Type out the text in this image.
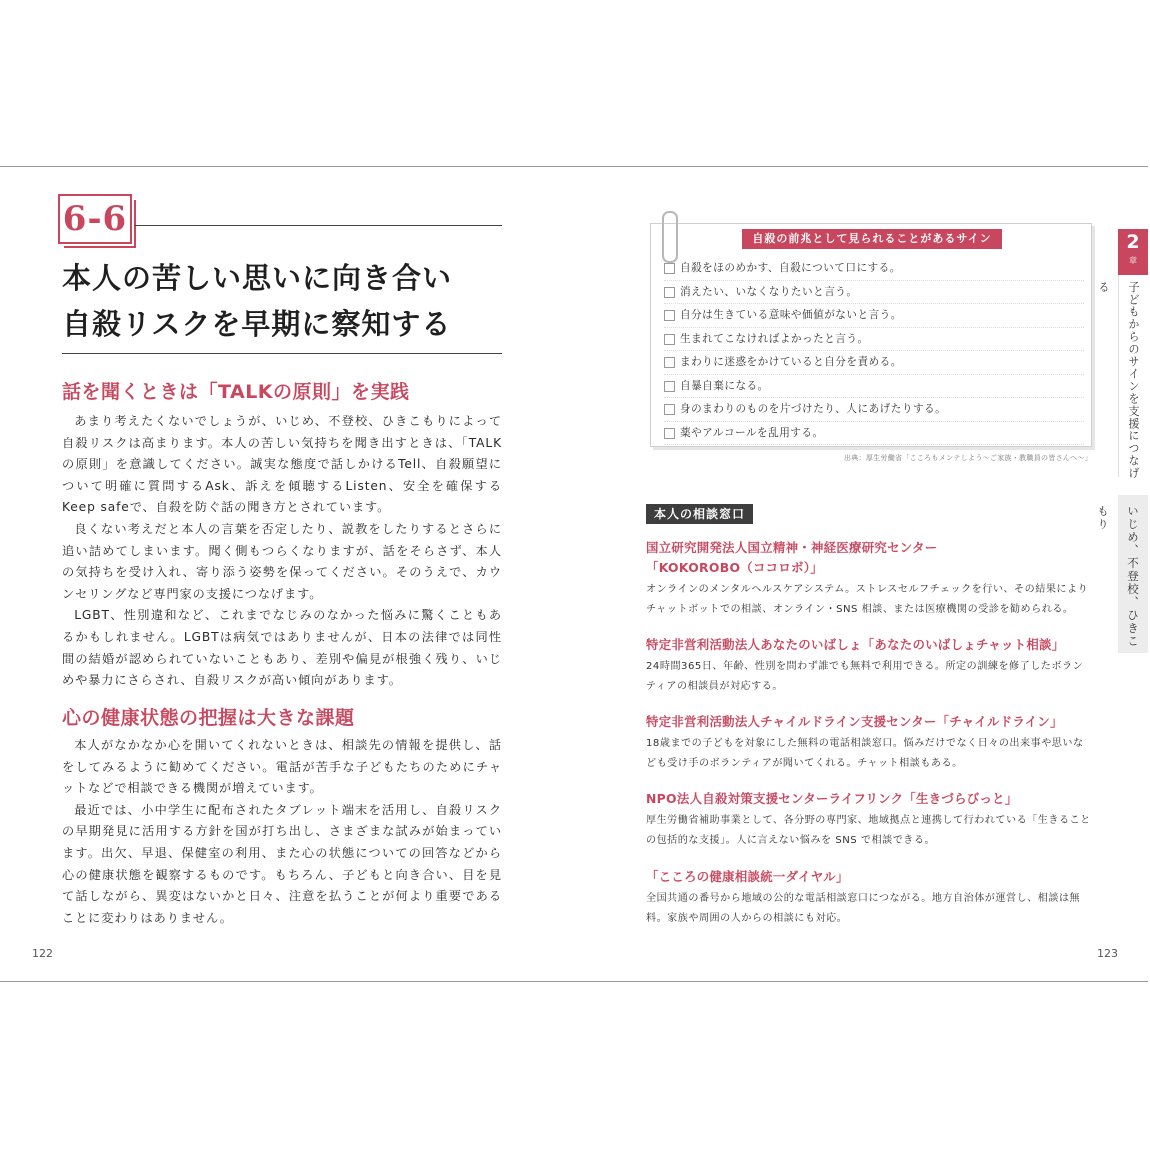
6-6
本人の苦しい思いに向き合い
自殺リスクを早期に察知する
話を聞くときは「TALKの原則」を実践

あまり考えたくないでしょうが、いじめ、不登校、ひきこもりによって自殺リスクは高まります。本人の苦しい気持ちを聞き出すときは、「TALKの原則」を意識してください。誠実な態度で話しかけるTell、自殺願望について明確に質問するAsk、訴えを傾聴するListen、安全を確保するKeep safeで、自殺を防ぐ話の聞き方とされています。

良くない考えだと本人の言葉を否定したり、説教をしたりするとさらに追い詰めてしまいます。聞く側もつらくなりますが、話をそらさず、本人の気持ちを受け入れ、寄り添う姿勢を保ってください。そのうえで、カウンセリングなど専門家の支援につなげます。

LGBT、性別違和など、これまでなじみのなかった悩みに驚くこともあるかもしれません。LGBTは病気ではありませんが、日本の法律では同性間の結婚が認められていないこともあり、差別や偏見が根強く残り、いじめや暴力にさらされ、自殺リスクが高い傾向があります。

心の健康状態の把握は大きな課題

本人がなかなか心を開いてくれないときは、相談先の情報を提供し、話をしてみるように勧めてください。電話が苦手な子どもたちのためにチャットなどで相談できる機関が増えています。

最近では、小中学生に配布されたタブレット端末を活用し、自殺リスクの早期発見に活用する方針を国が打ち出し、さまざまな試みが始まっています。出欠、早退、保健室の利用、また心の状態についての回答などから心の健康状態を観察するものです。もちろん、子どもと向き合い、目を見て話しながら、異変はないかと日々、注意を払うことが何より重要であることに変わりはありません。

122
自殺の前兆として見られることがあるサイン
自殺をほのめかす、自殺について口にする。
消えたい、いなくなりたいと言う。
自分は生きている意味や価値がないと言う。
生まれてこなければよかったと言う。
まわりに迷惑をかけていると自分を責める。
自暴自棄になる。
身のまわりのものを片づけたり、人にあげたりする。
薬やアルコールを乱用する。
出典：厚生労働省「こころもメンテしよう〜ご家族・教職員の皆さんへ〜」
本人の相談窓口

国立研究開発法人国立精神・神経医療研究センター
「KOKOROBO（ココロボ）」

オンラインのメンタルヘルスケアシステム。ストレスセルフチェックを行い、その結果によりチャットボットでの相談、オンライン・SNS 相談、または医療機関の受診を勧められる。

特定非営利活動法人あなたのいばしょ「あなたのいばしょチャット相談」

24時間365日、年齢、性別を問わず誰でも無料で利用できる。所定の訓練を修了したボランティアの相談員が対応する。

特定非営利活動法人チャイルドライン支援センター「チャイルドライン」

18歳までの子どもを対象にした無料の電話相談窓口。悩みだけでなく日々の出来事や思いなども受け手のボランティアが聞いてくれる。チャット相談もある。

NPO法人自殺対策支援センターライフリンク「生きづらびっと」

厚生労働省補助事業として、各分野の専門家、地域拠点と連携して行われている「生きることの包括的な支援」。人に言えない悩みを SNS で相談できる。

「こころの健康相談統一ダイヤル」

全国共通の番号から地域の公的な電話相談窓口につながる。地方自治体が運営し、相談は無料。家族や周囲の人からの相談にも対応。

2
章
子どもからのサインを支援につなげる
いじめ、不登校、ひきこもり
123
